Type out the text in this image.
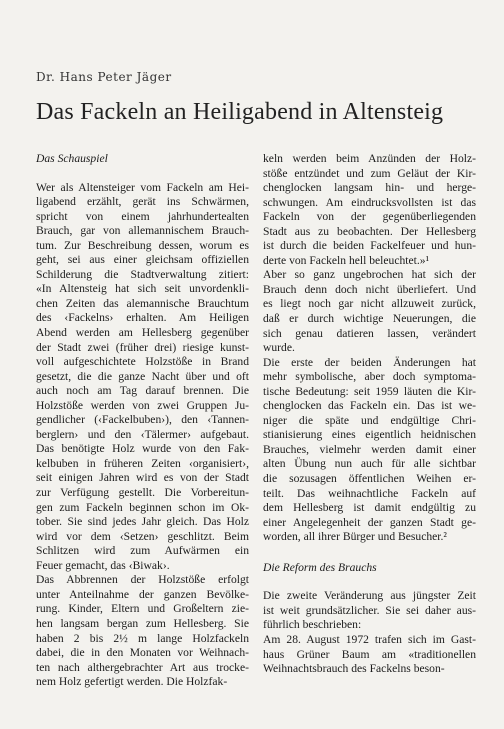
Dr. Hans Peter Jäger
Das Fackeln an Heiligabend in Altensteig
Das Schauspiel
Wer als Altensteiger vom Fackeln am Hei-
ligabend erzählt, gerät ins Schwärmen,
spricht von einem jahrhundertealten
Brauch, gar von allemannischem Brauch-
tum. Zur Beschreibung dessen, worum es
geht, sei aus einer gleichsam offiziellen
Schilderung die Stadtverwaltung zitiert:
«In Altensteig hat sich seit unvordenkli-
chen Zeiten das alemannische Brauchtum
des ‹Fackelns› erhalten. Am Heiligen
Abend werden am Hellesberg gegenüber
der Stadt zwei (früher drei) riesige kunst-
voll aufgeschichtete Holzstöße in Brand
gesetzt, die die ganze Nacht über und oft
auch noch am Tag darauf brennen. Die
Holzstöße werden von zwei Gruppen Ju-
gendlicher (‹Fackelbuben›), den ‹Tannen-
berglern› und den ‹Tälermer› aufgebaut.
Das benötigte Holz wurde von den Fak-
kelbuben in früheren Zeiten ‹organisiert›,
seit einigen Jahren wird es von der Stadt
zur Verfügung gestellt. Die Vorbereitun-
gen zum Fackeln beginnen schon im Ok-
tober. Sie sind jedes Jahr gleich. Das Holz
wird vor dem ‹Setzen› geschlitzt. Beim
Schlitzen wird zum Aufwärmen ein
Feuer gemacht, das ‹Biwak›.
Das Abbrennen der Holzstöße erfolgt
unter Anteilnahme der ganzen Bevölke-
rung. Kinder, Eltern und Großeltern zie-
hen langsam bergan zum Hellesberg. Sie
haben 2 bis 2½ m lange Holzfackeln
dabei, die in den Monaten vor Weihnach-
ten nach althergebrachter Art aus trocke-
nem Holz gefertigt werden. Die Holzfak-
keln werden beim Anzünden der Holz-
stöße entzündet und zum Geläut der Kir-
chenglocken langsam hin- und herge-
schwungen. Am eindrucksvollsten ist das
Fackeln von der gegenüberliegenden
Stadt aus zu beobachten. Der Hellesberg
ist durch die beiden Fackelfeuer und hun-
derte von Fackeln hell beleuchtet.»¹
Aber so ganz ungebrochen hat sich der
Brauch denn doch nicht überliefert. Und
es liegt noch gar nicht allzuweit zurück,
daß er durch wichtige Neuerungen, die
sich genau datieren lassen, verändert
wurde.
Die erste der beiden Änderungen hat
mehr symbolische, aber doch symptoma-
tische Bedeutung: seit 1959 läuten die Kir-
chenglocken das Fackeln ein. Das ist we-
niger die späte und endgültige Chri-
stianisierung eines eigentlich heidnischen
Brauches, vielmehr werden damit einer
alten Übung nun auch für alle sichtbar
die sozusagen öffentlichen Weihen er-
teilt. Das weihnachtliche Fackeln auf
dem Hellesberg ist damit endgültig zu
einer Angelegenheit der ganzen Stadt ge-
worden, all ihrer Bürger und Besucher.²
Die Reform des Brauchs
Die zweite Veränderung aus jüngster Zeit
ist weit grundsätzlicher. Sie sei daher aus-
führlich beschrieben:
Am 28. August 1972 trafen sich im Gast-
haus Grüner Baum am «traditionellen
Weihnachtsbrauch des Fackelns beson-
